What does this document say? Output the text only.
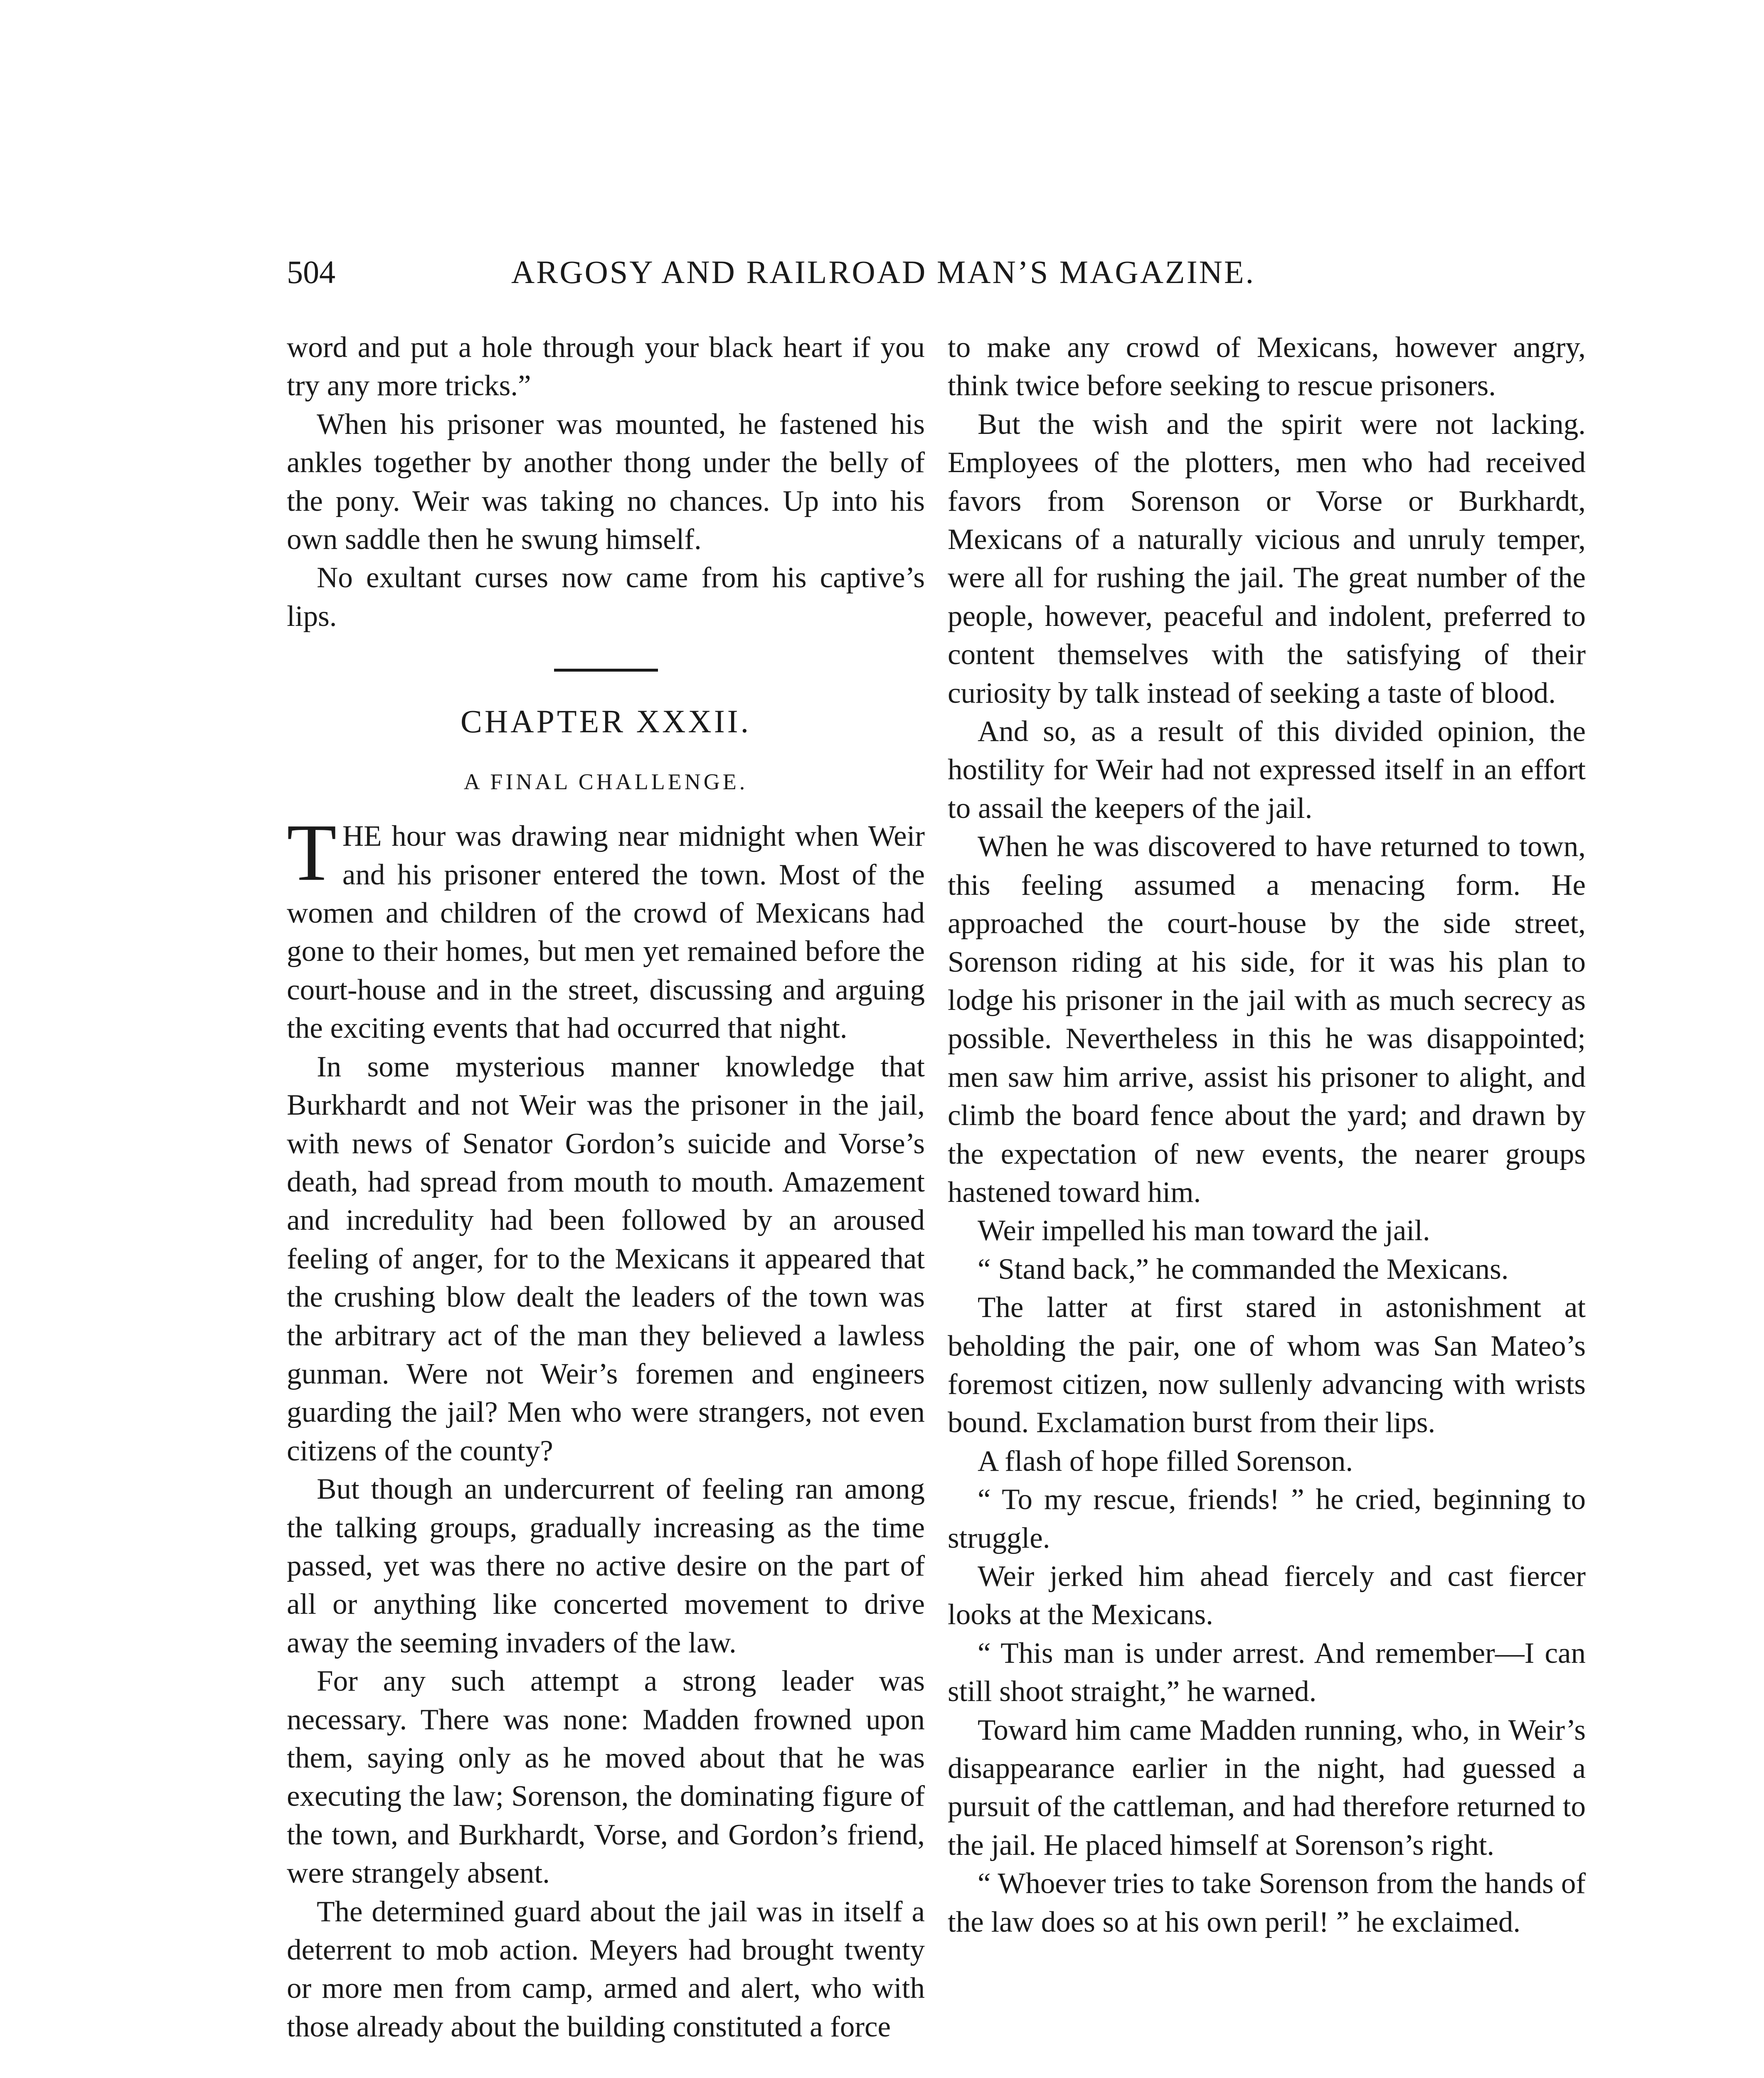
504	ARGOSY AND RAILROAD MAN’S MAGAZINE.

word and put a hole through your black heart if you try any more tricks.”

When his prisoner was mounted, he fastened his ankles together by another thong under the belly of the pony. Weir was taking no chances. Up into his own saddle then he swung himself.

No exultant curses now came from his captive’s lips.

CHAPTER XXXII.
A FINAL CHALLENGE.

THE hour was drawing near midnight when Weir and his prisoner entered the town. Most of the women and children of the crowd of Mexicans had gone to their homes, but men yet remained before the court-house and in the street, discussing and arguing the exciting events that had occurred that night.

In some mysterious manner knowledge that Burkhardt and not Weir was the prisoner in the jail, with news of Senator Gordon’s suicide and Vorse’s death, had spread from mouth to mouth. Amazement and incredulity had been followed by an aroused feeling of anger, for to the Mexicans it appeared that the crushing blow dealt the leaders of the town was the arbitrary act of the man they believed a lawless gunman. Were not Weir’s foremen and engineers guarding the jail? Men who were strangers, not even citizens of the county?

But though an undercurrent of feeling ran among the talking groups, gradually increasing as the time passed, yet was there no active desire on the part of all or anything like concerted movement to drive away the seeming invaders of the law.

For any such attempt a strong leader was necessary. There was none: Madden frowned upon them, saying only as he moved about that he was executing the law; Sorenson, the dominating figure of the town, and Burkhardt, Vorse, and Gordon’s friend, were strangely absent.

The determined guard about the jail was in itself a deterrent to mob action. Meyers had brought twenty or more men from camp, armed and alert, who with those already about the building constituted a force

to make any crowd of Mexicans, however angry, think twice before seeking to rescue prisoners.

But the wish and the spirit were not lacking. Employees of the plotters, men who had received favors from Sorenson or Vorse or Burkhardt, Mexicans of a naturally vicious and unruly temper, were all for rushing the jail. The great number of the people, however, peaceful and indolent, preferred to content themselves with the satisfying of their curiosity by talk instead of seeking a taste of blood.

And so, as a result of this divided opinion, the hostility for Weir had not expressed itself in an effort to assail the keepers of the jail.

When he was discovered to have returned to town, this feeling assumed a menacing form. He approached the court-house by the side street, Sorenson riding at his side, for it was his plan to lodge his prisoner in the jail with as much secrecy as possible. Nevertheless in this he was disappointed; men saw him arrive, assist his prisoner to alight, and climb the board fence about the yard; and drawn by the expectation of new events, the nearer groups hastened toward him.

Weir impelled his man toward the jail.

“ Stand back,” he commanded the Mexicans.

The latter at first stared in astonishment at beholding the pair, one of whom was San Mateo’s foremost citizen, now sullenly advancing with wrists bound. Exclamation burst from their lips.

A flash of hope filled Sorenson.

“ To my rescue, friends! ” he cried, beginning to struggle.

Weir jerked him ahead fiercely and cast fiercer looks at the Mexicans.

“ This man is under arrest. And remember—I can still shoot straight,” he warned.

Toward him came Madden running, who, in Weir’s disappearance earlier in the night, had guessed a pursuit of the cattleman, and had therefore returned to the jail. He placed himself at Sorenson’s right.

“ Whoever tries to take Sorenson from the hands of the law does so at his own peril! ” he exclaimed.
